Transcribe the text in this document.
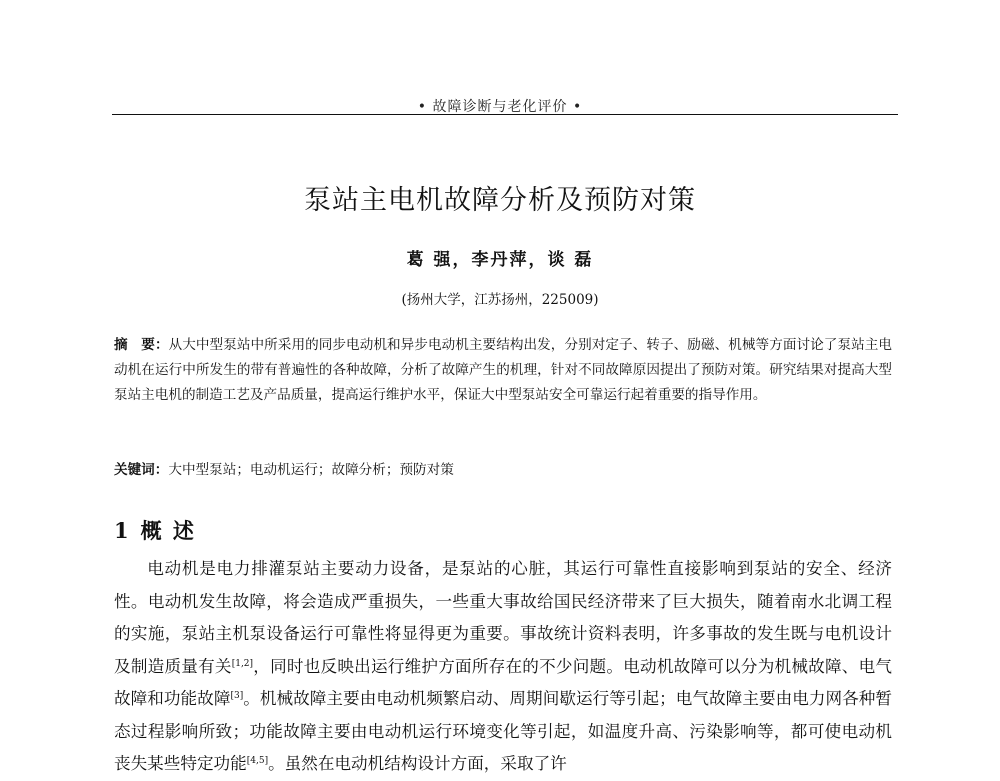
• 故障诊断与老化评价 •
泵站主电机故障分析及预防对策
葛 强，李丹萍，谈 磊
(扬州大学，江苏扬州，225009)
摘　要：从大中型泵站中所采用的同步电动机和异步电动机主要结构出发，分别对定子、转子、励磁、机械等方面讨论了泵站主电动机在运行中所发生的带有普遍性的各种故障，分析了故障产生的机理，针对不同故障原因提出了预防对策。研究结果对提高大型泵站主电机的制造工艺及产品质量，提高运行维护水平，保证大中型泵站安全可靠运行起着重要的指导作用。
关键词：大中型泵站；电动机运行；故障分析；预防对策
1 概 述

电动机是电力排灌泵站主要动力设备，是泵站的心脏，其运行可靠性直接影响到泵站的安全、经济性。电动机发生故障，将会造成严重损失，一些重大事故给国民经济带来了巨大损失，随着南水北调工程的实施，泵站主机泵设备运行可靠性将显得更为重要。事故统计资料表明，许多事故的发生既与电机设计及制造质量有关[1,2]，同时也反映出运行维护方面所存在的不少问题。电动机故障可以分为机械故障、电气故障和功能故障[3]。机械故障主要由电动机频繁启动、周期间歇运行等引起；电气故障主要由电力网各种暂态过程影响所致；功能故障主要由电动机运行环境变化等引起，如温度升高、污染影响等，都可使电动机丧失某些特定功能[4,5]。虽然在电动机结构设计方面，采取了许
